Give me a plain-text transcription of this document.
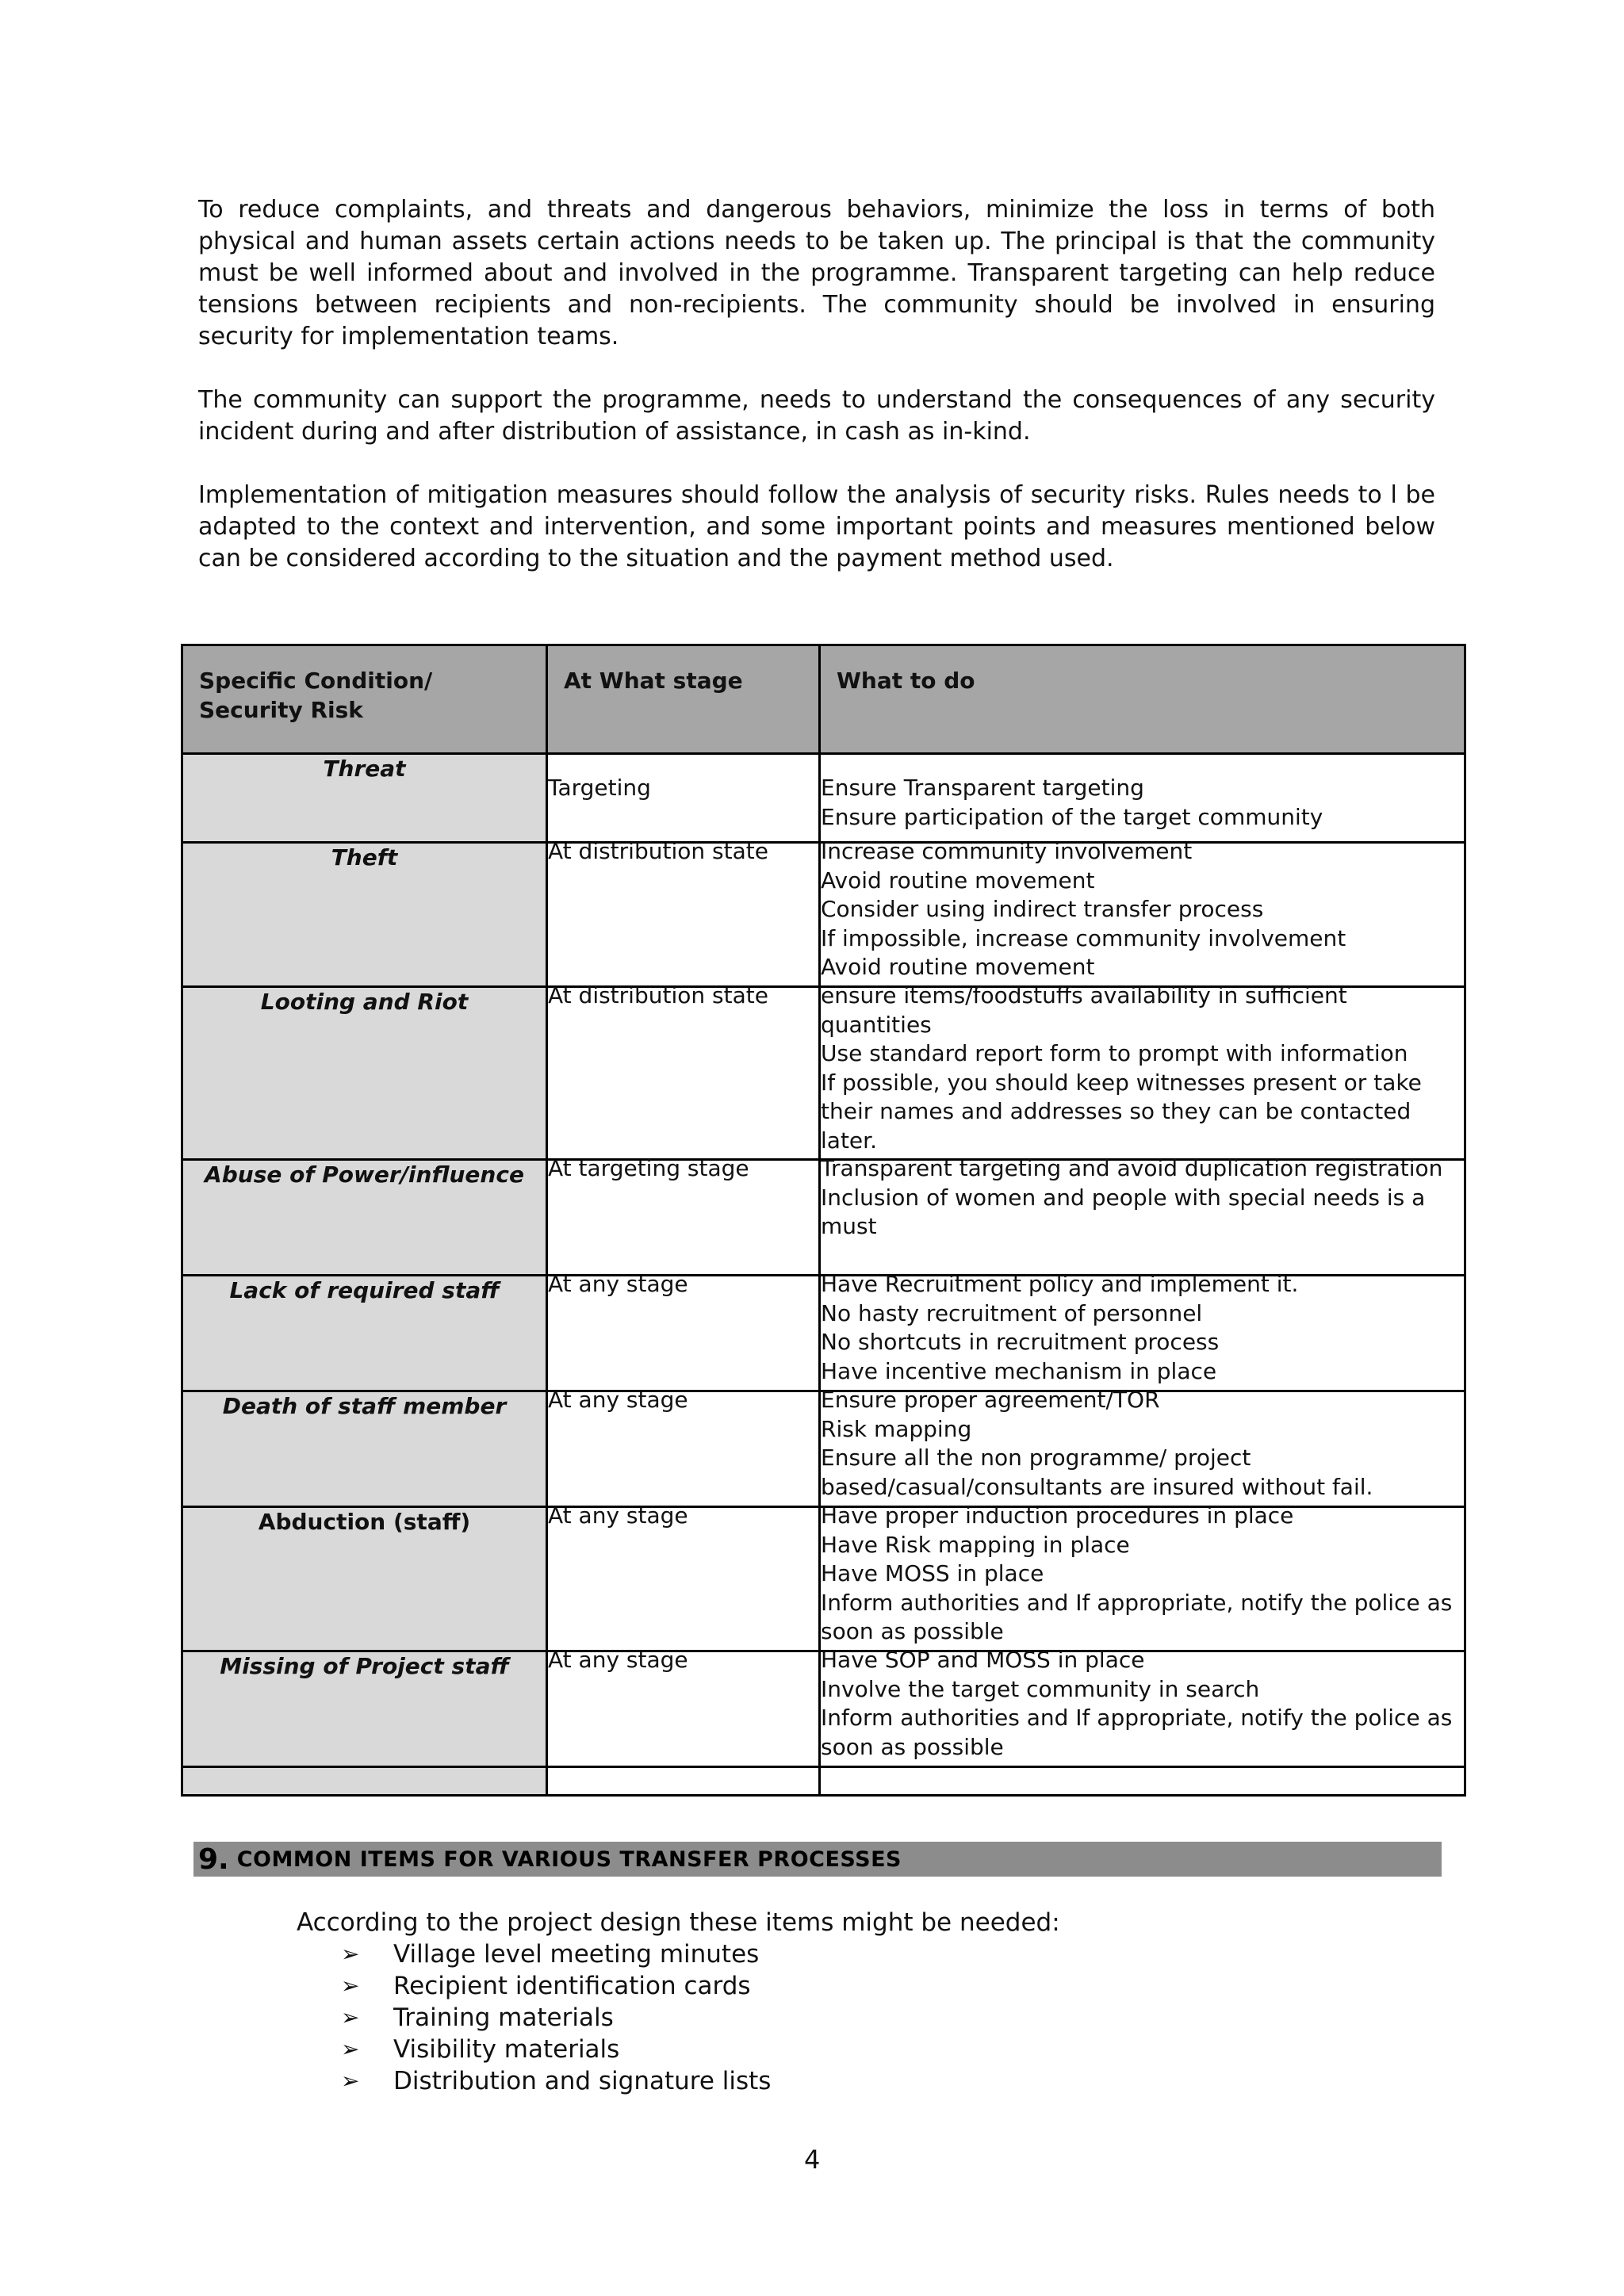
To reduce complaints, and threats and dangerous behaviors, minimize the loss in terms of both physical and human assets certain actions needs to be taken up. The principal is that the community must be well informed about and involved in the programme. Transparent targeting can help reduce tensions between recipients and non-recipients. The community should be involved in ensuring security for implementation teams.

The community can support the programme, needs to understand the consequences of any security incident during and after distribution of assistance, in cash as in-kind.

Implementation of mitigation measures should follow the analysis of security risks. Rules needs to l be adapted to the context and intervention, and some important points and measures mentioned below can be considered according to the situation and the payment method used.

Specific Condition/ Security Risk	At What stage	What to do
Threat	Targeting	Ensure Transparent targeting
Ensure participation of the target community

Theft	At distribution state	Increase community involvement
Avoid routine movement
Consider using indirect transfer process
If impossible, increase community involvement
Avoid routine movement

Looting and Riot	At distribution state	ensure items/foodstuffs availability in sufficient quantities
Use standard report form to prompt with information
If possible, you should keep witnesses present or take their names and addresses so they can be contacted later.

Abuse of Power/influence	At targeting stage	Transparent targeting and avoid duplication registration
Inclusion of women and people with special needs is a must

Lack of required staff	At any stage	Have Recruitment policy and implement it.
No hasty recruitment of personnel
No shortcuts in recruitment process
Have incentive mechanism in place

Death of staff member	At any stage	Ensure proper agreement/TOR
Risk mapping
Ensure all the non programme/ project based/casual/consultants are insured without fail.

Abduction (staff)	At any stage	Have proper induction procedures in place
Have Risk mapping in place
Have MOSS in place
Inform authorities and If appropriate, notify the police as soon as possible

Missing of Project staff	At any stage	Have SOP and MOSS in place
Involve the target community in search
Inform authorities and If appropriate, notify the police as soon as possible

9. COMMON ITEMS FOR VARIOUS TRANSFER PROCESSES
According to the project design these items might be needed:
➢	Village level meeting minutes
➢	Recipient identification cards
➢	Training materials
➢	Visibility materials
➢	Distribution and signature lists
4
